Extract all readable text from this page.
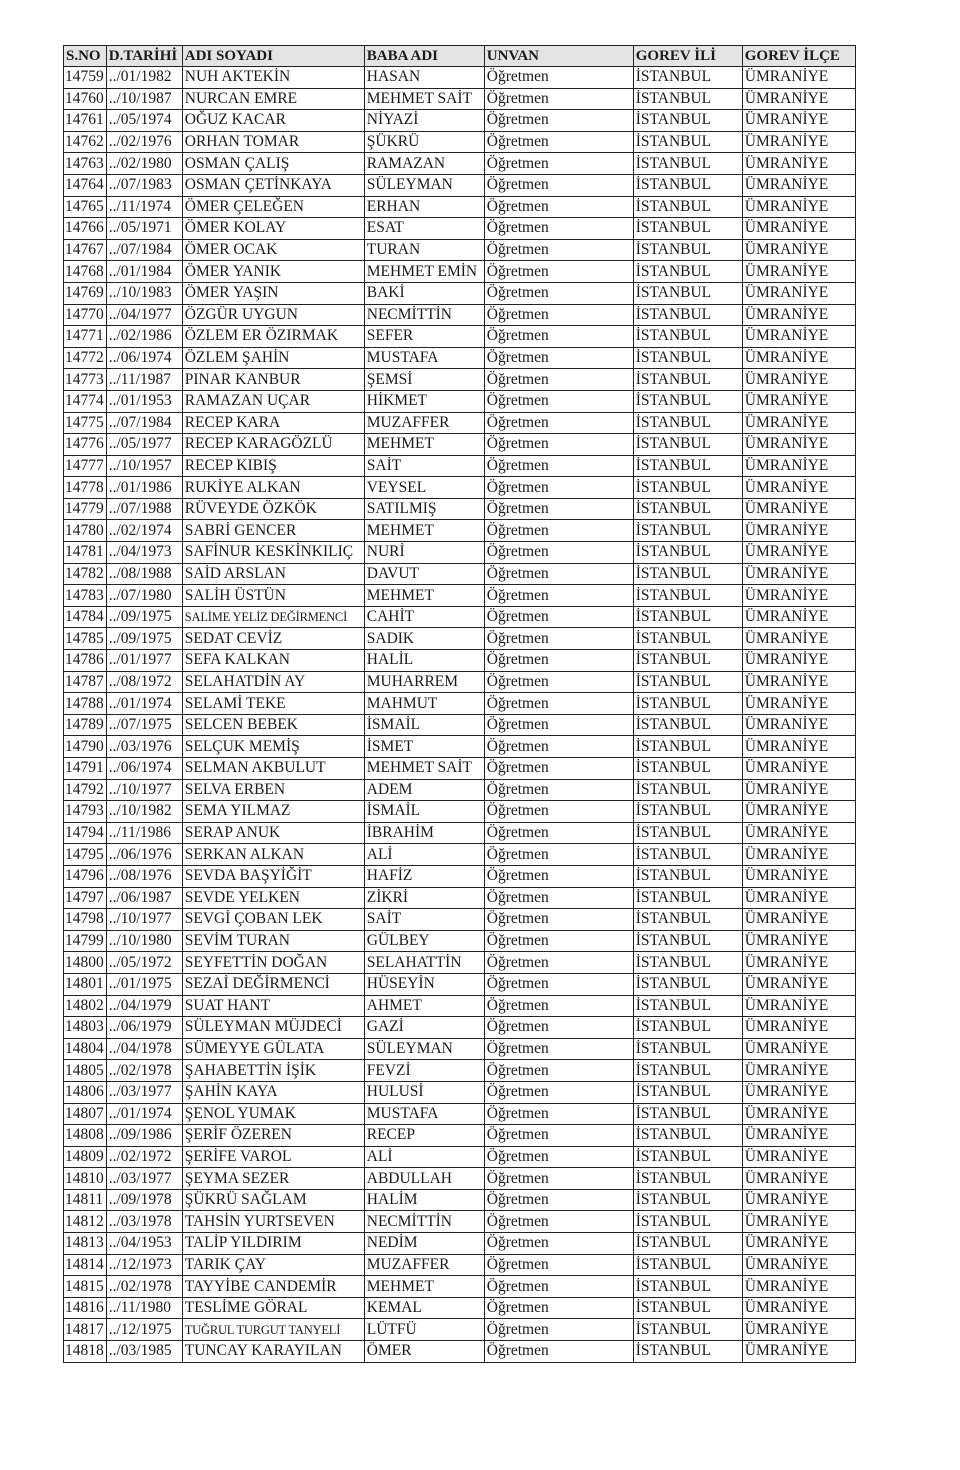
S.NO	D.TARİHİ	ADI SOYADI	BABA ADI	UNVAN	GOREV İLİ	GOREV İLÇE
14759	../01/1982	NUH AKTEKİN	HASAN	Öğretmen	İSTANBUL	ÜMRANİYE
14760	../10/1987	NURCAN EMRE	MEHMET SAİT	Öğretmen	İSTANBUL	ÜMRANİYE
14761	../05/1974	OĞUZ KACAR	NİYAZİ	Öğretmen	İSTANBUL	ÜMRANİYE
14762	../02/1976	ORHAN TOMAR	ŞÜKRÜ	Öğretmen	İSTANBUL	ÜMRANİYE
14763	../02/1980	OSMAN ÇALIŞ	RAMAZAN	Öğretmen	İSTANBUL	ÜMRANİYE
14764	../07/1983	OSMAN ÇETİNKAYA	SÜLEYMAN	Öğretmen	İSTANBUL	ÜMRANİYE
14765	../11/1974	ÖMER ÇELEĞEN	ERHAN	Öğretmen	İSTANBUL	ÜMRANİYE
14766	../05/1971	ÖMER KOLAY	ESAT	Öğretmen	İSTANBUL	ÜMRANİYE
14767	../07/1984	ÖMER OCAK	TURAN	Öğretmen	İSTANBUL	ÜMRANİYE
14768	../01/1984	ÖMER YANIK	MEHMET EMİN	Öğretmen	İSTANBUL	ÜMRANİYE
14769	../10/1983	ÖMER YAŞIN	BAKİ	Öğretmen	İSTANBUL	ÜMRANİYE
14770	../04/1977	ÖZGÜR UYGUN	NECMİTTİN	Öğretmen	İSTANBUL	ÜMRANİYE
14771	../02/1986	ÖZLEM ER ÖZIRMAK	SEFER	Öğretmen	İSTANBUL	ÜMRANİYE
14772	../06/1974	ÖZLEM ŞAHİN	MUSTAFA	Öğretmen	İSTANBUL	ÜMRANİYE
14773	../11/1987	PINAR KANBUR	ŞEMSİ	Öğretmen	İSTANBUL	ÜMRANİYE
14774	../01/1953	RAMAZAN UÇAR	HİKMET	Öğretmen	İSTANBUL	ÜMRANİYE
14775	../07/1984	RECEP KARA	MUZAFFER	Öğretmen	İSTANBUL	ÜMRANİYE
14776	../05/1977	RECEP KARAGÖZLÜ	MEHMET	Öğretmen	İSTANBUL	ÜMRANİYE
14777	../10/1957	RECEP KIBIŞ	SAİT	Öğretmen	İSTANBUL	ÜMRANİYE
14778	../01/1986	RUKİYE ALKAN	VEYSEL	Öğretmen	İSTANBUL	ÜMRANİYE
14779	../07/1988	RÜVEYDE ÖZKÖK	SATILMIŞ	Öğretmen	İSTANBUL	ÜMRANİYE
14780	../02/1974	SABRİ GENCER	MEHMET	Öğretmen	İSTANBUL	ÜMRANİYE
14781	../04/1973	SAFİNUR KESKİNKILIÇ	NURİ	Öğretmen	İSTANBUL	ÜMRANİYE
14782	../08/1988	SAİD ARSLAN	DAVUT	Öğretmen	İSTANBUL	ÜMRANİYE
14783	../07/1980	SALİH ÜSTÜN	MEHMET	Öğretmen	İSTANBUL	ÜMRANİYE
14784	../09/1975	SALİME YELİZ DEĞİRMENCİ	CAHİT	Öğretmen	İSTANBUL	ÜMRANİYE
14785	../09/1975	SEDAT CEVİZ	SADIK	Öğretmen	İSTANBUL	ÜMRANİYE
14786	../01/1977	SEFA KALKAN	HALİL	Öğretmen	İSTANBUL	ÜMRANİYE
14787	../08/1972	SELAHATDİN AY	MUHARREM	Öğretmen	İSTANBUL	ÜMRANİYE
14788	../01/1974	SELAMİ TEKE	MAHMUT	Öğretmen	İSTANBUL	ÜMRANİYE
14789	../07/1975	SELCEN BEBEK	İSMAİL	Öğretmen	İSTANBUL	ÜMRANİYE
14790	../03/1976	SELÇUK MEMİŞ	İSMET	Öğretmen	İSTANBUL	ÜMRANİYE
14791	../06/1974	SELMAN AKBULUT	MEHMET SAİT	Öğretmen	İSTANBUL	ÜMRANİYE
14792	../10/1977	SELVA ERBEN	ADEM	Öğretmen	İSTANBUL	ÜMRANİYE
14793	../10/1982	SEMA YILMAZ	İSMAİL	Öğretmen	İSTANBUL	ÜMRANİYE
14794	../11/1986	SERAP ANUK	İBRAHİM	Öğretmen	İSTANBUL	ÜMRANİYE
14795	../06/1976	SERKAN ALKAN	ALİ	Öğretmen	İSTANBUL	ÜMRANİYE
14796	../08/1976	SEVDA BAŞYİĞİT	HAFİZ	Öğretmen	İSTANBUL	ÜMRANİYE
14797	../06/1987	SEVDE YELKEN	ZİKRİ	Öğretmen	İSTANBUL	ÜMRANİYE
14798	../10/1977	SEVGİ ÇOBAN LEK	SAİT	Öğretmen	İSTANBUL	ÜMRANİYE
14799	../10/1980	SEVİM TURAN	GÜLBEY	Öğretmen	İSTANBUL	ÜMRANİYE
14800	../05/1972	SEYFETTİN DOĞAN	SELAHATTİN	Öğretmen	İSTANBUL	ÜMRANİYE
14801	../01/1975	SEZAİ DEĞİRMENCİ	HÜSEYİN	Öğretmen	İSTANBUL	ÜMRANİYE
14802	../04/1979	SUAT HANT	AHMET	Öğretmen	İSTANBUL	ÜMRANİYE
14803	../06/1979	SÜLEYMAN MÜJDECİ	GAZİ	Öğretmen	İSTANBUL	ÜMRANİYE
14804	../04/1978	SÜMEYYE GÜLATA	SÜLEYMAN	Öğretmen	İSTANBUL	ÜMRANİYE
14805	../02/1978	ŞAHABETTİN İŞİK	FEVZİ	Öğretmen	İSTANBUL	ÜMRANİYE
14806	../03/1977	ŞAHİN KAYA	HULUSİ	Öğretmen	İSTANBUL	ÜMRANİYE
14807	../01/1974	ŞENOL YUMAK	MUSTAFA	Öğretmen	İSTANBUL	ÜMRANİYE
14808	../09/1986	ŞERİF ÖZEREN	RECEP	Öğretmen	İSTANBUL	ÜMRANİYE
14809	../02/1972	ŞERİFE VAROL	ALİ	Öğretmen	İSTANBUL	ÜMRANİYE
14810	../03/1977	ŞEYMA SEZER	ABDULLAH	Öğretmen	İSTANBUL	ÜMRANİYE
14811	../09/1978	ŞÜKRÜ SAĞLAM	HALİM	Öğretmen	İSTANBUL	ÜMRANİYE
14812	../03/1978	TAHSİN YURTSEVEN	NECMİTTİN	Öğretmen	İSTANBUL	ÜMRANİYE
14813	../04/1953	TALİP YILDIRIM	NEDİM	Öğretmen	İSTANBUL	ÜMRANİYE
14814	../12/1973	TARIK ÇAY	MUZAFFER	Öğretmen	İSTANBUL	ÜMRANİYE
14815	../02/1978	TAYYİBE CANDEMİR	MEHMET	Öğretmen	İSTANBUL	ÜMRANİYE
14816	../11/1980	TESLİME GÖRAL	KEMAL	Öğretmen	İSTANBUL	ÜMRANİYE
14817	../12/1975	TUĞRUL TURGUT TANYELİ	LÜTFÜ	Öğretmen	İSTANBUL	ÜMRANİYE
14818	../03/1985	TUNCAY KARAYILAN	ÖMER	Öğretmen	İSTANBUL	ÜMRANİYE
